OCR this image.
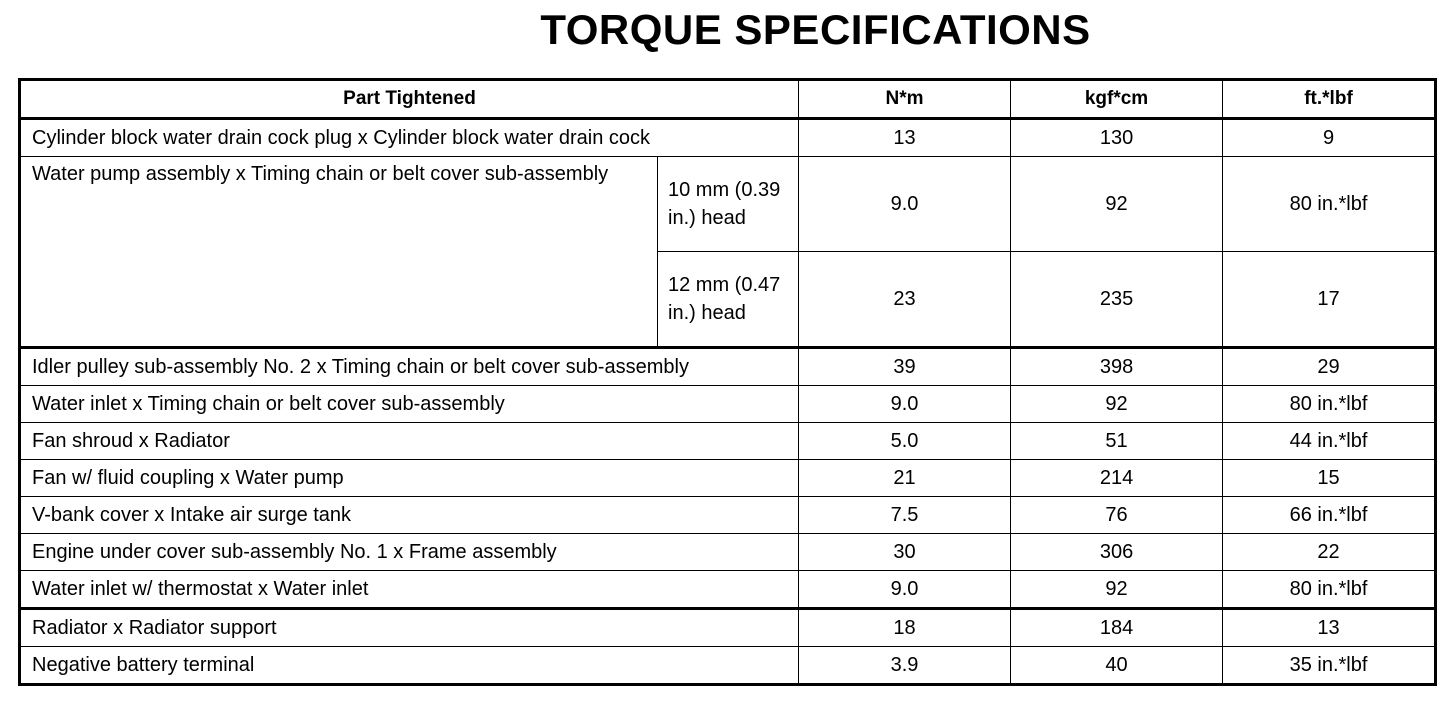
TORQUE SPECIFICATIONS
Part Tightened		N*m	kgf*cm	ft.*lbf
Cylinder block water drain cock plug x Cylinder block water drain cock		13	130	9
Water pump assembly x Timing chain or belt cover sub-assembly	10 mm (0.39 in.) head	9.0	92	80 in.*lbf
	12 mm (0.47 in.) head	23	235	17
Idler pulley sub-assembly No. 2 x Timing chain or belt cover sub-assembly		39	398	29
Water inlet x Timing chain or belt cover sub-assembly		9.0	92	80 in.*lbf
Fan shroud x Radiator		5.0	51	44 in.*lbf
Fan w/ fluid coupling x Water pump		21	214	15
V-bank cover x Intake air surge tank		7.5	76	66 in.*lbf
Engine under cover sub-assembly No. 1 x Frame assembly		30	306	22
Water inlet w/ thermostat x Water inlet		9.0	92	80 in.*lbf
Radiator x Radiator support		18	184	13
Negative battery terminal		3.9	40	35 in.*lbf
